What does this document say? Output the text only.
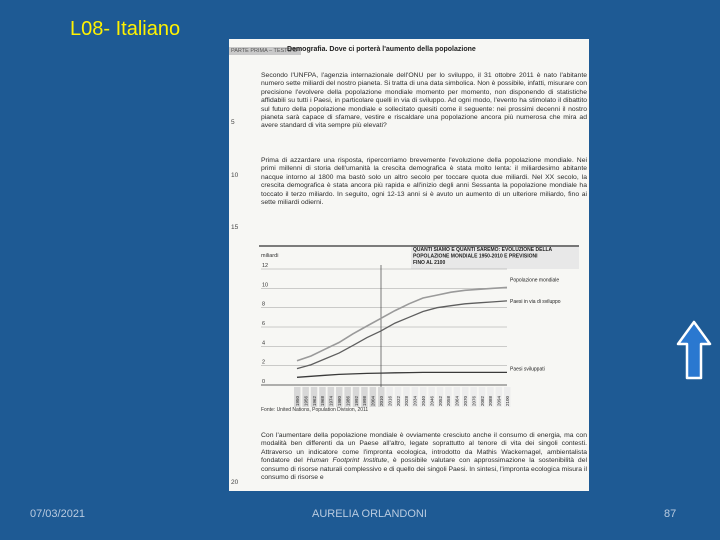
L08- Italiano
PARTE PRIMA – TESTO B
Demografia. Dove ci porterà l'aumento della popolazione

Secondo l'UNFPA, l'agenzia internazionale dell'ONU per lo sviluppo, il 31 ottobre 2011 è nato l'abitante numero sette miliardi del nostro pianeta. Si tratta di una data simbolica. Non è possibile, infatti, misurare con precisione l'evolvere della popolazione mondiale momento per momento, non disponendo di statistiche affidabili su tutti i Paesi, in particolare quelli in via di sviluppo. Ad ogni modo, l'evento ha stimolato il dibattito sul futuro della popolazione mondiale e sollecitato quesiti come il seguente: nei prossimi decenni il nostro pianeta sarà capace di sfamare, vestire e riscaldare una popolazione ancora più numerosa che mira ad avere standard di vita sempre più elevati?

Prima di azzardare una risposta, ripercorriamo brevemente l'evoluzione della popolazione mondiale. Nei primi millenni di storia dell'umanità la crescita demografica è stata molto lenta: il miliardesimo abitante nacque intorno al 1800 ma bastò solo un altro secolo per toccare quota due miliardi. Nel XX secolo, la crescita demografica è stata ancora più rapida e all'inizio degli anni Sessanta la popolazione mondiale ha toccato il terzo miliardo. In seguito, ogni 12-13 anni si è avuto un aumento di un ulteriore miliardo, fino ai sette miliardi odierni.

5
10
15
20
QUANTI SIAMO E QUANTI SAREMO: EVOLUZIONE DELLA
POPOLAZIONE MONDIALE 1950-2010 E PREVISIONI
FINO AL 2100
miliardi
0
2
4
6
8
10
12
Popolazione mondiale
Paesi in via di sviluppo
Paesi sviluppati
1950 1956 1962 1968 1974 1980 1986 1992 1998 2004 2010 2016 2022 2028 2034 2040 2046 2052 2058 2064 2070 2076 2082 2088 2094 2100
Fonte: United Nations, Population Division, 2011

Con l'aumentare della popolazione mondiale è ovviamente cresciuto anche il consumo di energia, ma con modalità ben differenti da un Paese all'altro, legate soprattutto al tenore di vita dei singoli contesti. Attraverso un indicatore come l'impronta ecologica, introdotto da Mathis Wackernagel, ambientalista fondatore del Human Footprint Institute, è possibile valutare con approssimazione la sostenibilità del consumo di risorse naturali complessivo e di quello dei singoli Paesi. In sintesi, l'impronta ecologica misura il consumo di risorse e

07/03/2021	AURELIA ORLANDONI	87
